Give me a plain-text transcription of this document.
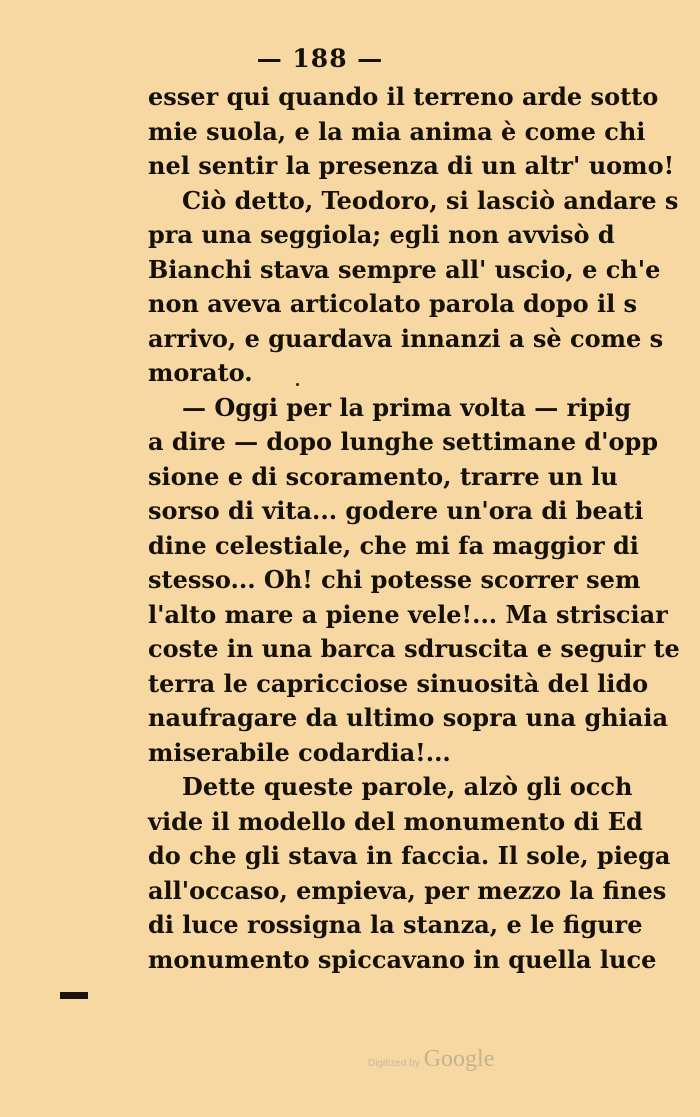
— 188 —
esser qui quando il terreno arde sotto
mie suola, e la mia anima è come chi
nel sentir la presenza di un altr' uomo!
Ciò detto, Teodoro, si lasciò andare s
pra una seggiola; egli non avvisò d
Bianchi stava sempre all' uscio, e ch'e
non aveva articolato parola dopo il s
arrivo, e guardava innanzi a sè come s
morato.
— Oggi per la prima volta — ripig
a dire — dopo lunghe settimane d'opp
sione e di scoramento, trarre un lu
sorso di vita... godere un'ora di beati
dine celestiale, che mi fa maggior di
stesso... Oh! chi potesse scorrer sem
l'alto mare a piene vele!... Ma strisciar
coste in una barca sdruscita e seguir te
terra le capricciose sinuosità del lido
naufragare da ultimo sopra una ghiaia
miserabile codardia!...
Dette queste parole, alzò gli occh
vide il modello del monumento di Ed
do che gli stava in faccia. Il sole, piega
all'occaso, empieva, per mezzo la fines
di luce rossigna la stanza, e le figure
monumento spiccavano in quella luce
Digitized by Google
